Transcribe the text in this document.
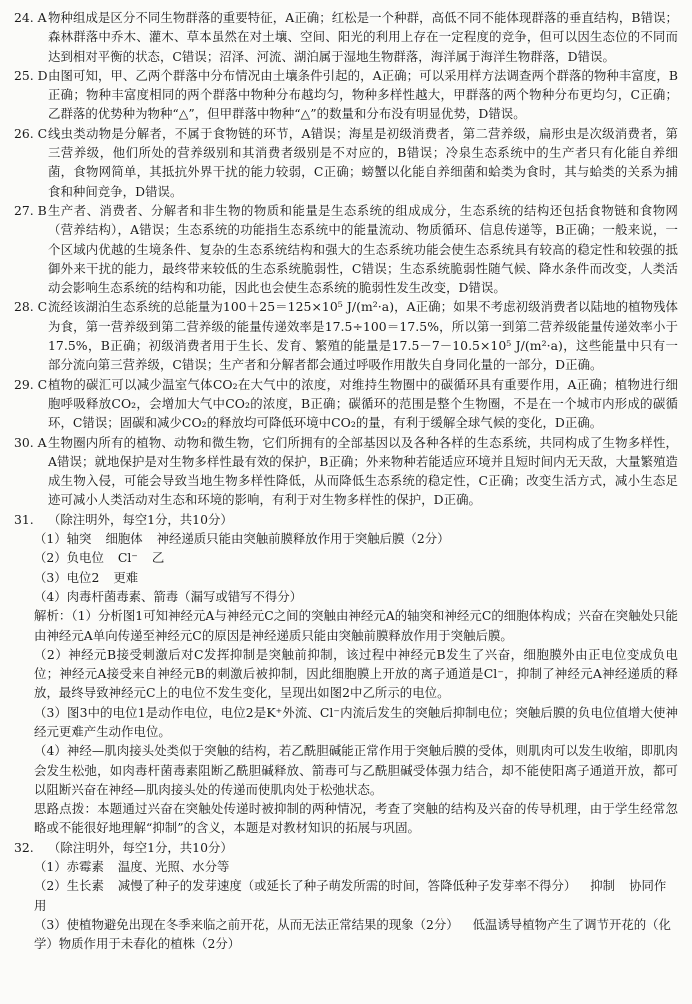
24. A 物种组成是区分不同生物群落的重要特征，A正确；红松是一个种群，高低不同不能体现群落的垂直结构，B错误；森林群落中乔木、灌木、草本虽然在对土壤、空间、阳光的利用上存在一定程度的竞争，但可以因生态位的不同而达到相对平衡的状态，C错误；沼泽、河流、湖泊属于湿地生物群落，海洋属于海洋生物群落，D错误。
25. D 由图可知，甲、乙两个群落中分布情况由土壤条件引起的，A正确；可以采用样方法调查两个群落的物种丰富度，B正确；物种丰富度相同的两个群落中物种分布越均匀，物种多样性越大，甲群落的两个物种分布更均匀，C正确；乙群落的优势种为物种“△”，但甲群落中物种“△”的数量和分布没有明显优势，D错误。
26. C 线虫类动物是分解者，不属于食物链的环节，A错误；海星是初级消费者，第二营养级，扁形虫是次级消费者，第三营养级，他们所处的营养级别和其消费者级别是不对应的，B错误；冷泉生态系统中的生产者只有化能自养细菌，食物网简单，其抵抗外界干扰的能力较弱，C正确；螃蟹以化能自养细菌和蛤类为食时，其与蛤类的关系为捕食和种间竞争，D错误。
27. B 生产者、消费者、分解者和非生物的物质和能量是生态系统的组成成分，生态系统的结构还包括食物链和食物网（营养结构），A错误；生态系统的功能指生态系统中的能量流动、物质循环、信息传递等，B正确；一般来说，一个区域内优越的生境条件、复杂的生态系统结构和强大的生态系统功能会使生态系统具有较高的稳定性和较强的抵御外来干扰的能力，最终带来较低的生态系统脆弱性，C错误；生态系统脆弱性随气候、降水条件而改变，人类活动会影响生态系统的结构和功能，因此也会使生态系统的脆弱性发生改变，D错误。
28. C 流经该湖泊生态系统的总能量为100＋25＝125×10⁵ J/(m²·a)，A正确；如果不考虑初级消费者以陆地的植物残体为食，第一营养级到第二营养级的能量传递效率是17.5÷100＝17.5%，所以第一到第二营养级能量传递效率小于17.5%，B正确；初级消费者用于生长、发育、繁殖的能量是17.5－7－10.5×10⁵ J/(m²·a)，这些能量中只有一部分流向第三营养级，C错误；生产者和分解者都会通过呼吸作用散失自身同化量的一部分，D正确。
29. C 植物的碳汇可以减少温室气体CO₂在大气中的浓度，对维持生物圈中的碳循环具有重要作用，A正确；植物进行细胞呼吸释放CO₂，会增加大气中CO₂的浓度，B正确；碳循环的范围是整个生物圈，不是在一个城市内形成的碳循环，C错误；固碳和减少CO₂的释放均可降低环境中CO₂的量，有利于缓解全球气候的变化，D正确。
30. A 生物圈内所有的植物、动物和微生物，它们所拥有的全部基因以及各种各样的生态系统，共同构成了生物多样性，A错误；就地保护是对生物多样性最有效的保护，B正确；外来物种若能适应环境并且短时间内无天敌，大量繁殖造成生物入侵，可能会导致当地生物多样性降低，从而降低生态系统的稳定性，C正确；改变生活方式，减小生态足迹可减小人类活动对生态和环境的影响，有利于对生物多样性的保护，D正确。
31.	（除注明外，每空1分，共10分）
（1）轴突 细胞体 神经递质只能由突触前膜释放作用于突触后膜（2分）
（2）负电位 Cl⁻ 乙
（3）电位2 更难
（4）肉毒杆菌毒素、箭毒（漏写或错写不得分）
解析：（1）分析图1可知神经元A与神经元C之间的突触由神经元A的轴突和神经元C的细胞体构成；兴奋在突触处只能由神经元A单向传递至神经元C的原因是神经递质只能由突触前膜释放作用于突触后膜。
（2）神经元B接受刺激后对C发挥抑制是突触前抑制，该过程中神经元B发生了兴奋，细胞膜外由正电位变成负电位；神经元A接受来自神经元B的刺激后被抑制，因此细胞膜上开放的离子通道是Cl⁻，抑制了神经元A神经递质的释放，最终导致神经元C上的电位不发生变化，呈现出如图2中乙所示的电位。
（3）图3中的电位1是动作电位，电位2是K⁺外流、Cl⁻内流后发生的突触后抑制电位；突触后膜的负电位值增大使神经元更难产生动作电位。
（4）神经—肌肉接头处类似于突触的结构，若乙酰胆碱能正常作用于突触后膜的受体，则肌肉可以发生收缩，即肌肉会发生松弛，如肉毒杆菌毒素阻断乙酰胆碱释放、箭毒可与乙酰胆碱受体强力结合，却不能使阳离子通道开放，都可以阻断兴奋在神经—肌肉接头处的传递而使肌肉处于松弛状态。
思路点拨：本题通过兴奋在突触处传递时被抑制的两种情况，考查了突触的结构及兴奋的传导机理，由于学生经常忽略或不能很好地理解“抑制”的含义，本题是对教材知识的拓展与巩固。
32.	（除注明外，每空1分，共10分）
（1）赤霉素 温度、光照、水分等
（2）生长素 减慢了种子的发芽速度（或延长了种子萌发所需的时间，答降低种子发芽率不得分） 抑制 协同作用
（3）使植物避免出现在冬季来临之前开花，从而无法正常结果的现象（2分） 低温诱导植物产生了调节开花的（化学）物质作用于未春化的植株（2分）
